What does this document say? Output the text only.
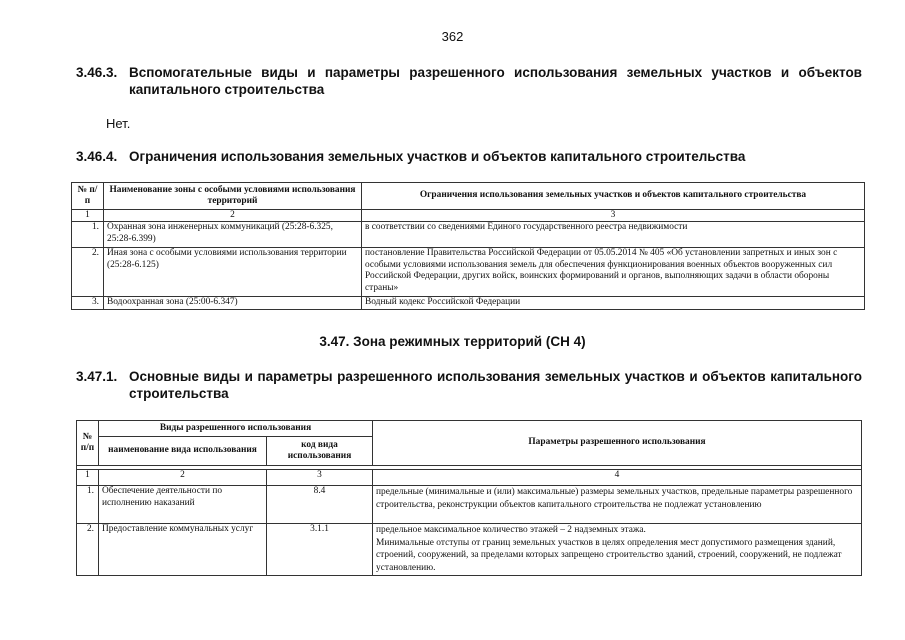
362
3.46.3. Вспомогательные виды и параметры разрешенного использования земельных участков и объектов капитального строительства
Нет.
3.46.4. Ограничения использования земельных участков и объектов капитального строительства
№ п/п	Наименование зоны с особыми условиями использования территорий	Ограничения использования земельных участков и объектов капитального строительства
1	2	3
1.	Охранная зона инженерных коммуникаций (25:28-6.325, 25:28-6.399)	в соответствии со сведениями Единого государственного реестра недвижимости
2.	Иная зона с особыми условиями использования территории (25:28-6.125)	постановление Правительства Российской Федерации от 05.05.2014 № 405 «Об установлении запретных и иных зон с особыми условиями использования земель для обеспечения функционирования военных объектов вооруженных сил Российской Федерации, других войск, воинских формирований и органов, выполняющих задачи в области обороны страны»
3.	Водоохранная зона (25:00-6.347)	Водный кодекс Российской Федерации
3.47. Зона режимных территорий (СН 4)
3.47.1. Основные виды и параметры разрешенного использования земельных участков и объектов капитального строительства
№ п/п	Виды разрешенного использования		Параметры разрешенного использования
	наименование вида использования	код вида использования	

1	2	3	4
1.	Обеспечение деятельности по исполнению наказаний	8.4	предельные (минимальные и (или) максимальные) размеры земельных участков, предельные параметры разрешенного строительства, реконструкции объектов капитального строительства не подлежат установлению
2.	Предоставление коммунальных услуг	3.1.1	предельное максимальное количество этажей – 2 надземных этажа.
Минимальные отступы от границ земельных участков в целях определения мест допустимого размещения зданий, строений, сооружений, за пределами которых запрещено строительство зданий, строений, сооружений, не подлежат установлению.
